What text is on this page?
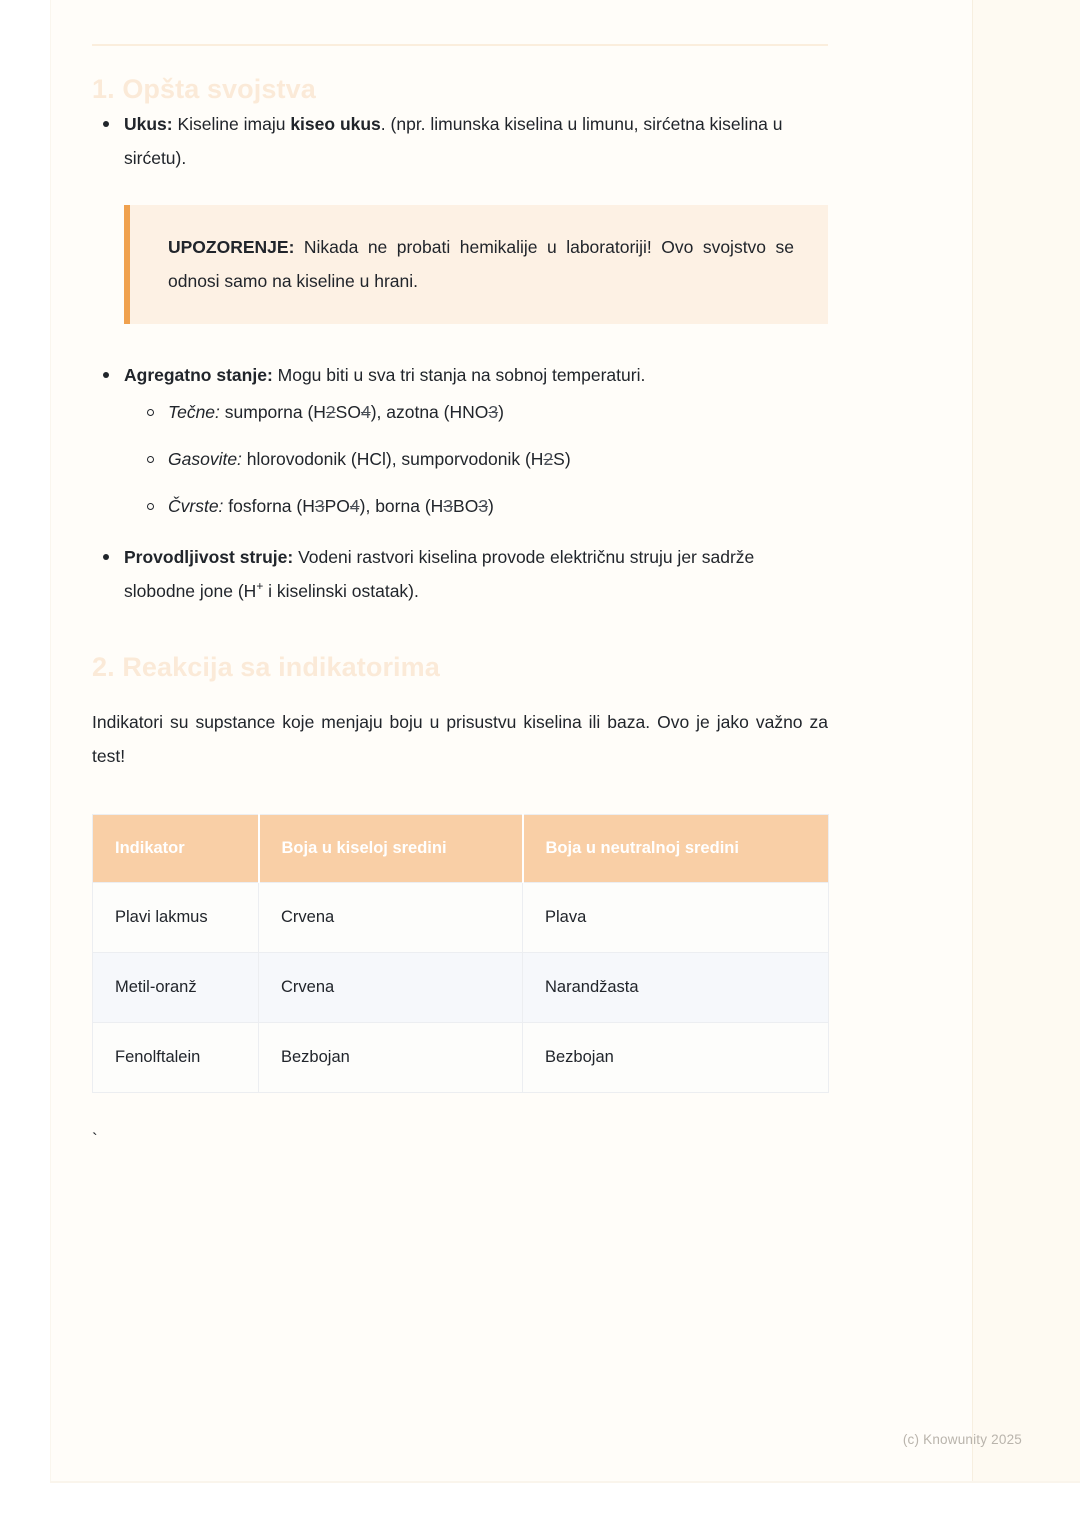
1. Opšta svojstva
Ukus: Kiseline imaju kiseo ukus. (npr. limunska kiselina u limunu, sirćetna kiselina u sirćetu).
UPOZORENJE: Nikada ne probati hemikalije u laboratoriji! Ovo svojstvo se odnosi samo na kiseline u hrani.
Agregatno stanje: Mogu biti u sva tri stanja na sobnoj temperaturi.
Tečne: sumporna (H2SO4), azotna (HNO3)
Gasovite: hlorovodonik (HCl), sumporvodonik (H2S)
Čvrste: fosforna (H3PO4), borna (H3BO3)
Provodljivost struje: Vodeni rastvori kiselina provode električnu struju jer sadrže slobodne jone (H+ i kiselinski ostatak).
2. Reakcija sa indikatorima

Indikatori su supstance koje menjaju boju u prisustvu kiselina ili baza. Ovo je jako važno za test!

Indikator	Boja u kiseloj sredini	Boja u neutralnoj sredini
Plavi lakmus	Crvena	Plava
Metil-oranž	Crvena	Narandžasta
Fenolftalein	Bezbojan	Bezbojan
`
(c) Knowunity 2025
